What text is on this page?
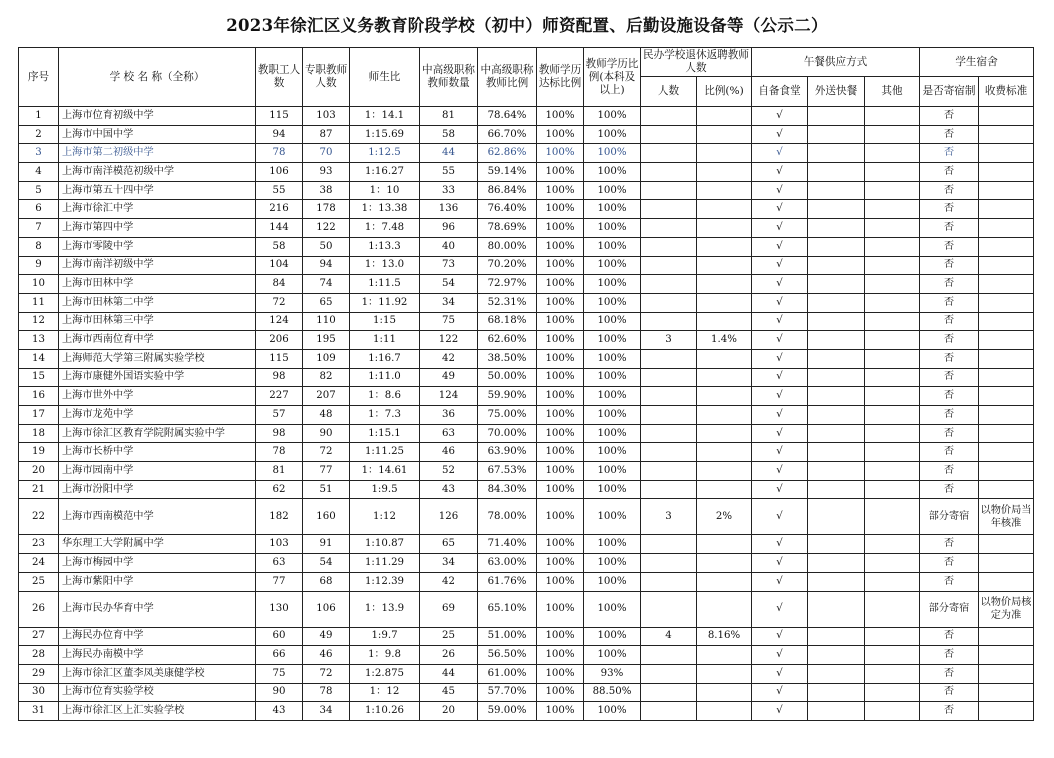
2023年徐汇区义务教育阶段学校（初中）师资配置、后勤设施设备等（公示二）
序号	学 校 名 称（全称）	教职工人数	专职教师人数	师生比	中高级职称教师数量	中高级职称教师比例	教师学历达标比例	教师学历比例(本科及以上)	民办学校退休返聘教师人数		午餐供应方式			学生宿舍	
									人数	比例(%)	自备食堂	外送快餐	其他	是否寄宿制	收费标准
1	上海市位育初级中学	115	103	1：14.1	81	78.64%	100%	100%			√			否	
2	上海市中国中学	94	87	1:15.69	58	66.70%	100%	100%			√			否	
3	上海市第二初级中学	78	70	1:12.5	44	62.86%	100%	100%			√			否	
4	上海市南洋模范初级中学	106	93	1:16.27	55	59.14%	100%	100%			√			否	
5	上海市第五十四中学	55	38	1：10	33	86.84%	100%	100%			√			否	
6	上海市徐汇中学	216	178	1：13.38	136	76.40%	100%	100%			√			否	
7	上海市第四中学	144	122	1：7.48	96	78.69%	100%	100%			√			否	
8	上海市零陵中学	58	50	1:13.3	40	80.00%	100%	100%			√			否	
9	上海市南洋初级中学	104	94	1：13.0	73	70.20%	100%	100%			√			否	
10	上海市田林中学	84	74	1:11.5	54	72.97%	100%	100%			√			否	
11	上海市田林第二中学	72	65	1：11.92	34	52.31%	100%	100%			√			否	
12	上海市田林第三中学	124	110	1:15	75	68.18%	100%	100%			√			否	
13	上海市西南位育中学	206	195	1:11	122	62.60%	100%	100%	3	1.4%	√			否	
14	上海师范大学第三附属实验学校	115	109	1:16.7	42	38.50%	100%	100%			√			否	
15	上海市康健外国语实验中学	98	82	1:11.0	49	50.00%	100%	100%			√			否	
16	上海市世外中学	227	207	1：8.6	124	59.90%	100%	100%			√			否	
17	上海市龙苑中学	57	48	1：7.3	36	75.00%	100%	100%			√			否	
18	上海市徐汇区教育学院附属实验中学	98	90	1:15.1	63	70.00%	100%	100%			√			否	
19	上海市长桥中学	78	72	1:11.25	46	63.90%	100%	100%			√			否	
20	上海市园南中学	81	77	1：14.61	52	67.53%	100%	100%			√			否	
21	上海市汾阳中学	62	51	1:9.5	43	84.30%	100%	100%			√			否	
22	上海市西南模范中学	182	160	1:12	126	78.00%	100%	100%	3	2%	√			部分寄宿	以物价局当年核准
23	华东理工大学附属中学	103	91	1:10.87	65	71.40%	100%	100%			√			否	
24	上海市梅园中学	63	54	1:11.29	34	63.00%	100%	100%			√			否	
25	上海市紫阳中学	77	68	1:12.39	42	61.76%	100%	100%			√			否	
26	上海市民办华育中学	130	106	1：13.9	69	65.10%	100%	100%			√			部分寄宿	以物价局核定为准
27	上海民办位育中学	60	49	1:9.7	25	51.00%	100%	100%	4	8.16%	√			否	
28	上海民办南模中学	66	46	1：9.8	26	56.50%	100%	100%			√			否	
29	上海市徐汇区董李凤美康健学校	75	72	1:2.875	44	61.00%	100%	93%			√			否	
30	上海市位育实验学校	90	78	1：12	45	57.70%	100%	88.50%			√			否	
31	上海市徐汇区上汇实验学校	43	34	1:10.26	20	59.00%	100%	100%			√			否	
